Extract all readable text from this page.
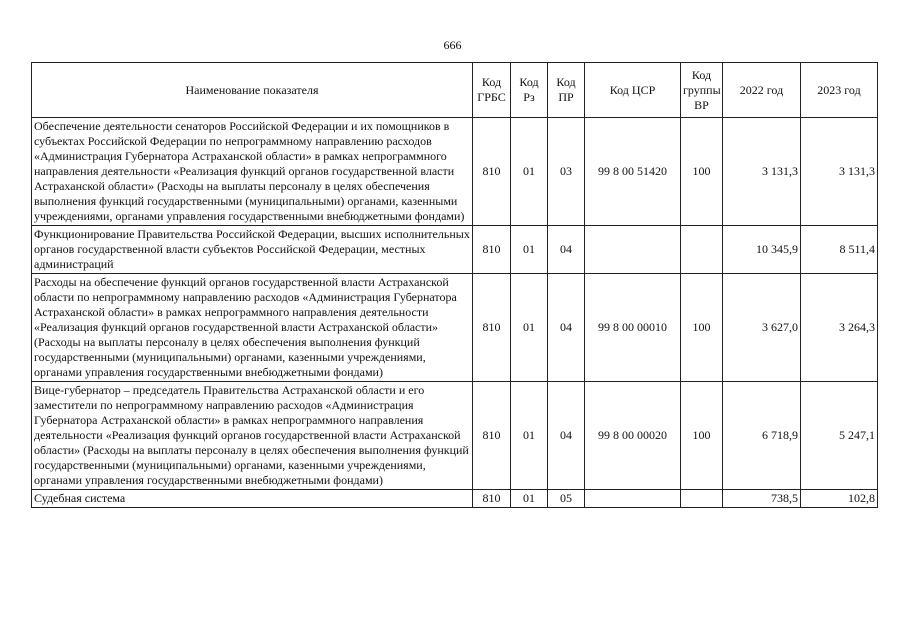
666
Наименование показателя	Код ГРБС	Код Рз	Код ПР	Код ЦСР	Код группы ВР	2022 год	2023 год
Обеспечение деятельности сенаторов Российской Федерации и их помощников в субъектах Российской Федерации по непрограммному направлению расходов «Администрация Губернатора Астраханской области» в рамках непрограммного направления деятельности «Реализация функций органов государственной власти Астраханской области» (Расходы на выплаты персоналу в целях обеспечения выполнения функций государственными (муниципальными) органами, казенными учреждениями, органами управления государственными внебюджетными фондами)	810	01	03	99 8 00 51420	100	3 131,3	3 131,3
Функционирование Правительства Российской Федерации, высших исполнительных органов государственной власти субъектов Российской Федерации, местных администраций	810	01	04			10 345,9	8 511,4
Расходы на обеспечение функций органов государственной власти Астраханской области по непрограммному направлению расходов «Администрация Губернатора Астраханской области» в рамках непрограммного направления деятельности «Реализация функций органов государственной власти Астраханской области» (Расходы на выплаты персоналу в целях обеспечения выполнения функций государственными (муниципальными) органами, казенными учреждениями, органами управления государственными внебюджетными фондами)	810	01	04	99 8 00 00010	100	3 627,0	3 264,3
Вице-губернатор – председатель Правительства Астраханской области и его заместители по непрограммному направлению расходов «Администрация Губернатора Астраханской области» в рамках непрограммного направления деятельности «Реализация функций органов государственной власти Астраханской области» (Расходы на выплаты персоналу в целях обеспечения выполнения функций государственными (муниципальными) органами, казенными учреждениями, органами управления государственными внебюджетными фондами)	810	01	04	99 8 00 00020	100	6 718,9	5 247,1
Судебная система	810	01	05			738,5	102,8
